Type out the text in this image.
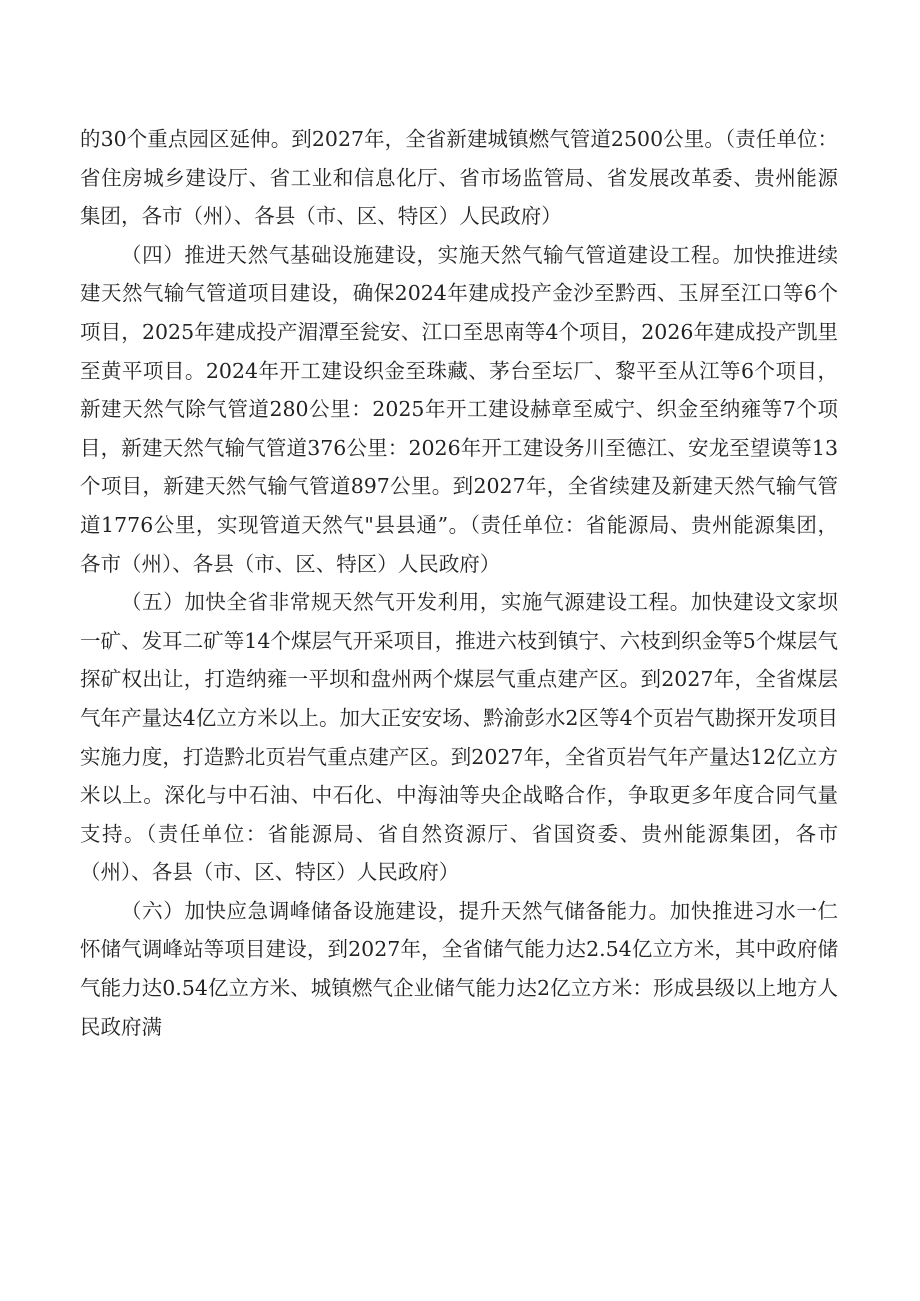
的30个重点园区延伸。到2027年，全省新建城镇燃气管道2500公里。（责任单位：省住房城乡建设厅、省工业和信息化厅、省市场监管局、省发展改革委、贵州能源集团，各市（州）、各县（市、区、特区）人民政府）

（四）推进天然气基础设施建设，实施天然气输气管道建设工程。加快推进续建天然气输气管道项目建设，确保2024年建成投产金沙至黔西、玉屏至江口等6个项目，2025年建成投产湄潭至瓮安、江口至思南等4个项目，2026年建成投产凯里至黄平项目。2024年开工建设织金至珠藏、茅台至坛厂、黎平至从江等6个项目，新建天然气除气管道280公里：2025年开工建设赫章至威宁、织金至纳雍等7个项目，新建天然气输气管道376公里：2026年开工建设务川至德江、安龙至望谟等13个项目，新建天然气输气管道897公里。到2027年，全省续建及新建天然气输气管道1776公里，实现管道天然气"县县通”。（责任单位：省能源局、贵州能源集团，各市（州）、各县（市、区、特区）人民政府）

（五）加快全省非常规天然气开发利用，实施气源建设工程。加快建设文家坝一矿、发耳二矿等14个煤层气开采项目，推进六枝到镇宁、六枝到织金等5个煤层气探矿权出让，打造纳雍一平坝和盘州两个煤层气重点建产区。到2027年，全省煤层气年产量达4亿立方米以上。加大正安安场、黔渝彭水2区等4个页岩气勘探开发项目实施力度，打造黔北页岩气重点建产区。到2027年，全省页岩气年产量达12亿立方米以上。深化与中石油、中石化、中海油等央企战略合作，争取更多年度合同气量支持。（责任单位：省能源局、省自然资源厅、省国资委、贵州能源集团，各市（州）、各县（市、区、特区）人民政府）

（六）加快应急调峰储备设施建设，提升天然气储备能力。加快推进习水一仁怀储气调峰站等项目建设，到2027年，全省储气能力达2.54亿立方米，其中政府储气能力达0.54亿立方米、城镇燃气企业储气能力达2亿立方米：形成县级以上地方人民政府满
